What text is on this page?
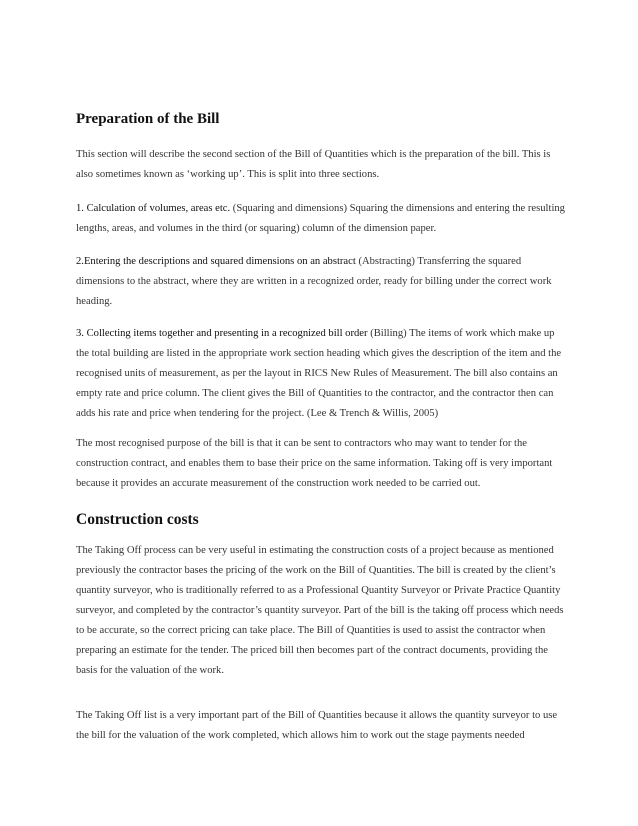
Preparation of the Bill

This section will describe the second section of the Bill of Quantities which is the preparation of the bill. This is also sometimes known as ‘working up’. This is split into three sections.

1. Calculation of volumes, areas etc. (Squaring and dimensions) Squaring the dimensions and entering the resulting lengths, areas, and volumes in the third (or squaring) column of the dimension paper.

2.Entering the descriptions and squared dimensions on an abstract (Abstracting) Transferring the squared dimensions to the abstract, where they are written in a recognized order, ready for billing under the correct work heading.

3. Collecting items together and presenting in a recognized bill order (Billing) The items of work which make up the total building are listed in the appropriate work section heading which gives the description of the item and the recognised units of measurement, as per the layout in RICS New Rules of Measurement. The bill also contains an empty rate and price column. The client gives the Bill of Quantities to the contractor, and the contractor then can adds his rate and price when tendering for the project. (Lee & Trench & Willis, 2005)

The most recognised purpose of the bill is that it can be sent to contractors who may want to tender for the construction contract, and enables them to base their price on the same information. Taking off is very important because it provides an accurate measurement of the construction work needed to be carried out.

Construction costs

The Taking Off process can be very useful in estimating the construction costs of a project because as mentioned previously the contractor bases the pricing of the work on the Bill of Quantities. The bill is created by the client’s quantity surveyor, who is traditionally referred to as a Professional Quantity Surveyor or Private Practice Quantity surveyor, and completed by the contractor’s quantity surveyor. Part of the bill is the taking off process which needs to be accurate, so the correct pricing can take place. The Bill of Quantities is used to assist the contractor when preparing an estimate for the tender. The priced bill then becomes part of the contract documents, providing the basis for the valuation of the work.

The Taking Off list is a very important part of the Bill of Quantities because it allows the quantity surveyor to use the bill for the valuation of the work completed, which allows him to work out the stage payments needed
